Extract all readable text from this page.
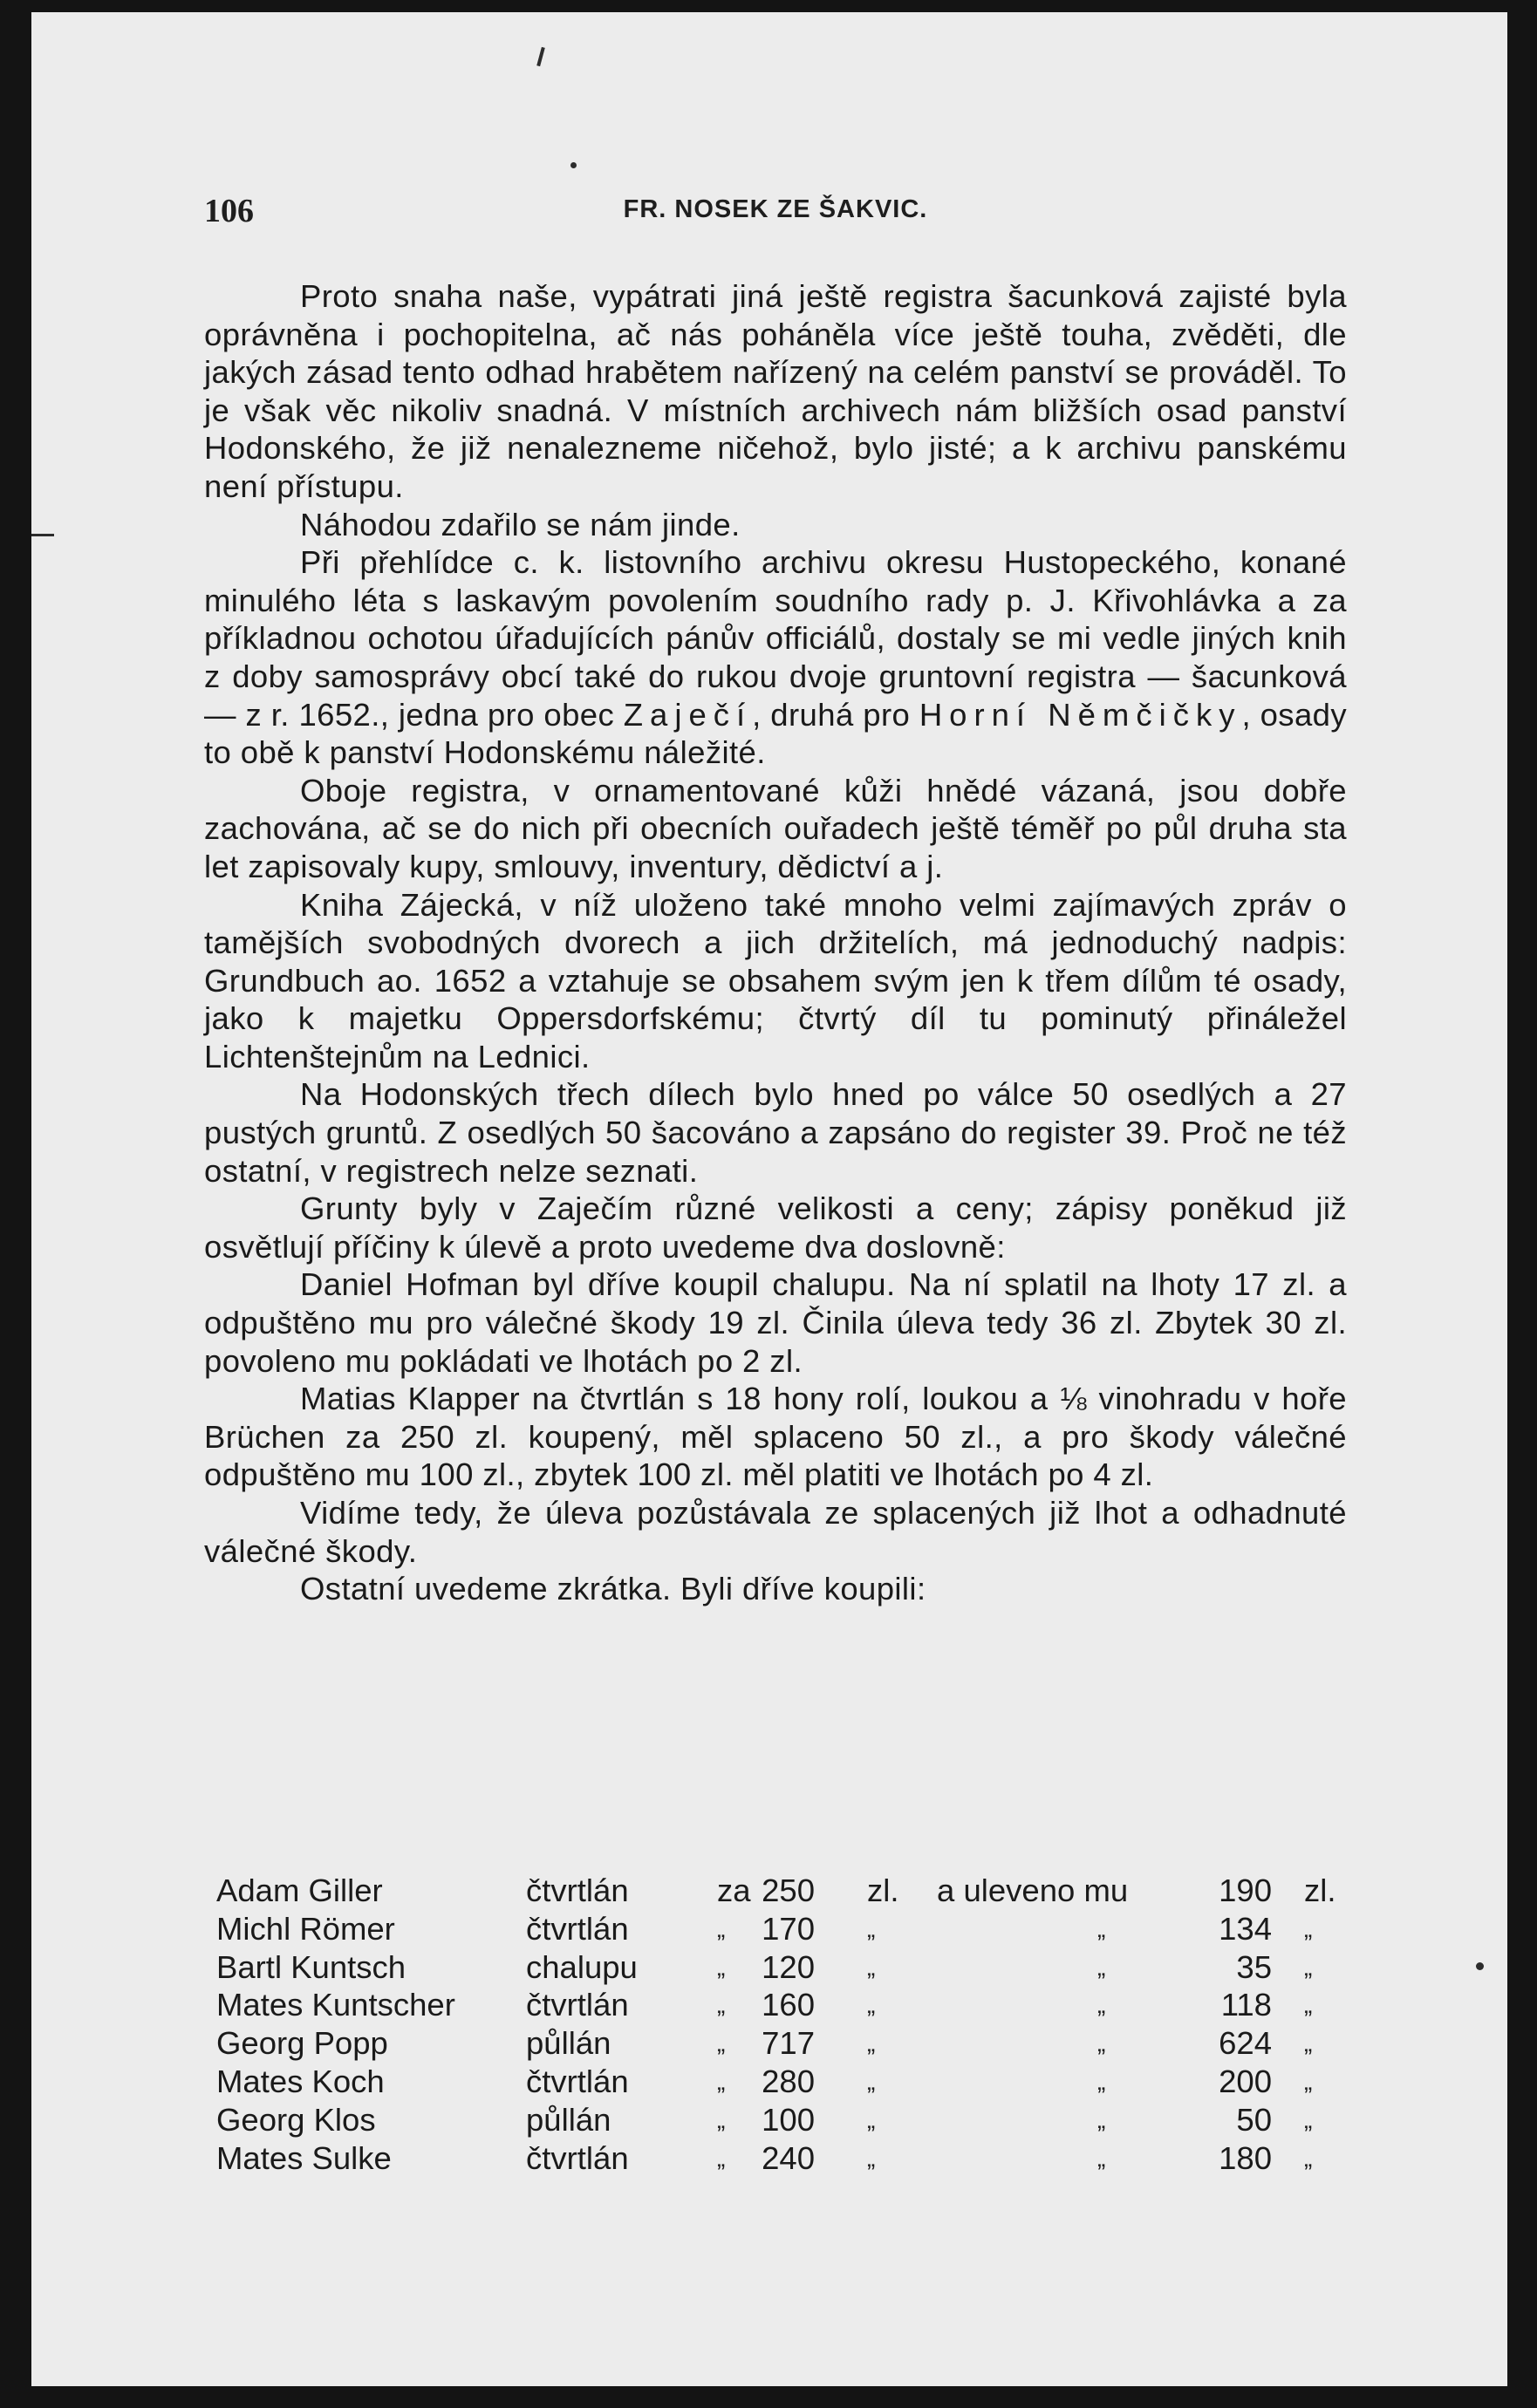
106	FR. NOSEK ZE ŠAKVIC.

Proto snaha naše, vypátrati jiná ještě registra šacunková zajisté byla oprávněna i pochopitelna, ač nás poháněla více ještě touha, zvěděti, dle jakých zásad tento odhad hrabětem nařízený na celém panství se prováděl. To je však věc nikoliv snadná. V místních archivech nám bližších osad panství Hodonského, že již nenalezneme ničehož, bylo jisté; a k archivu panskému není přístupu.

Náhodou zdařilo se nám jinde.

Při přehlídce c. k. listovního archivu okresu Hustopeckého, konané minulého léta s laskavým povolením soudního rady p. J. Křivohlávka a za příkladnou ochotou úřadujících pánův officiálů, dostaly se mi vedle jiných knih z doby samosprávy obcí také do rukou dvoje gruntovní registra — šacunková — z r. 1652., jedna pro obec Zaječí, druhá pro Horní Němčičky, osady to obě k panství Hodonskému náležité.

Oboje registra, v ornamentované kůži hnědé vázaná, jsou dobře zachována, ač se do nich při obecních ouřadech ještě téměř po půl druha sta let zapisovaly kupy, smlouvy, inventury, dědictví a j.

Kniha Zájecká, v níž uloženo také mnoho velmi zajímavých zpráv o tamějších svobodných dvorech a jich držitelích, má jednoduchý nadpis: Grundbuch ao. 1652 a vztahuje se obsahem svým jen k třem dílům té osady, jako k majetku Oppersdorfskému; čtvrtý díl tu pominutý přináležel Lichtenštejnům na Lednici.

Na Hodonských třech dílech bylo hned po válce 50 osedlých a 27 pustých gruntů. Z osedlých 50 šacováno a zapsáno do register 39. Proč ne též ostatní, v registrech nelze seznati.

Grunty byly v Zaječím různé velikosti a ceny; zápisy poněkud již osvětlují příčiny k úlevě a proto uvedeme dva doslovně:

Daniel Hofman byl dříve koupil chalupu. Na ní splatil na lhoty 17 zl. a odpuštěno mu pro válečné škody 19 zl. Činila úleva tedy 36 zl. Zbytek 30 zl. povoleno mu pokládati ve lhotách po 2 zl.

Matias Klapper na čtvrtlán s 18 hony rolí, loukou a ⅛ vinohradu v hoře Brüchen za 250 zl. koupený, měl splaceno 50 zl., a pro škody válečné odpuštěno mu 100 zl., zbytek 100 zl. měl platiti ve lhotách po 4 zl.

Vidíme tedy, že úleva pozůstávala ze splacených již lhot a odhadnuté válečné škody.

Ostatní uvedeme zkrátka. Byli dříve koupili:

Adam Giller	čtvrtlán	za 250 zl. a uleveno mu	190 zl.
Michl Römer	čtvrtlán	„ 170 „	„	134 „
Bartl Kuntsch	chalupu	„ 120 „	„	35 „
Mates Kuntscher čtvrtlán	„ 160 „	„	118 „
Georg Popp	půllán	„ 717 „	„	624 „
Mates Koch	čtvrtlán	„ 280 „	„	200 „
Georg Klos	půllán	„ 100 „	„	50 „
Mates Sulke	čtvrtlán	„ 240 „	„	180 „
